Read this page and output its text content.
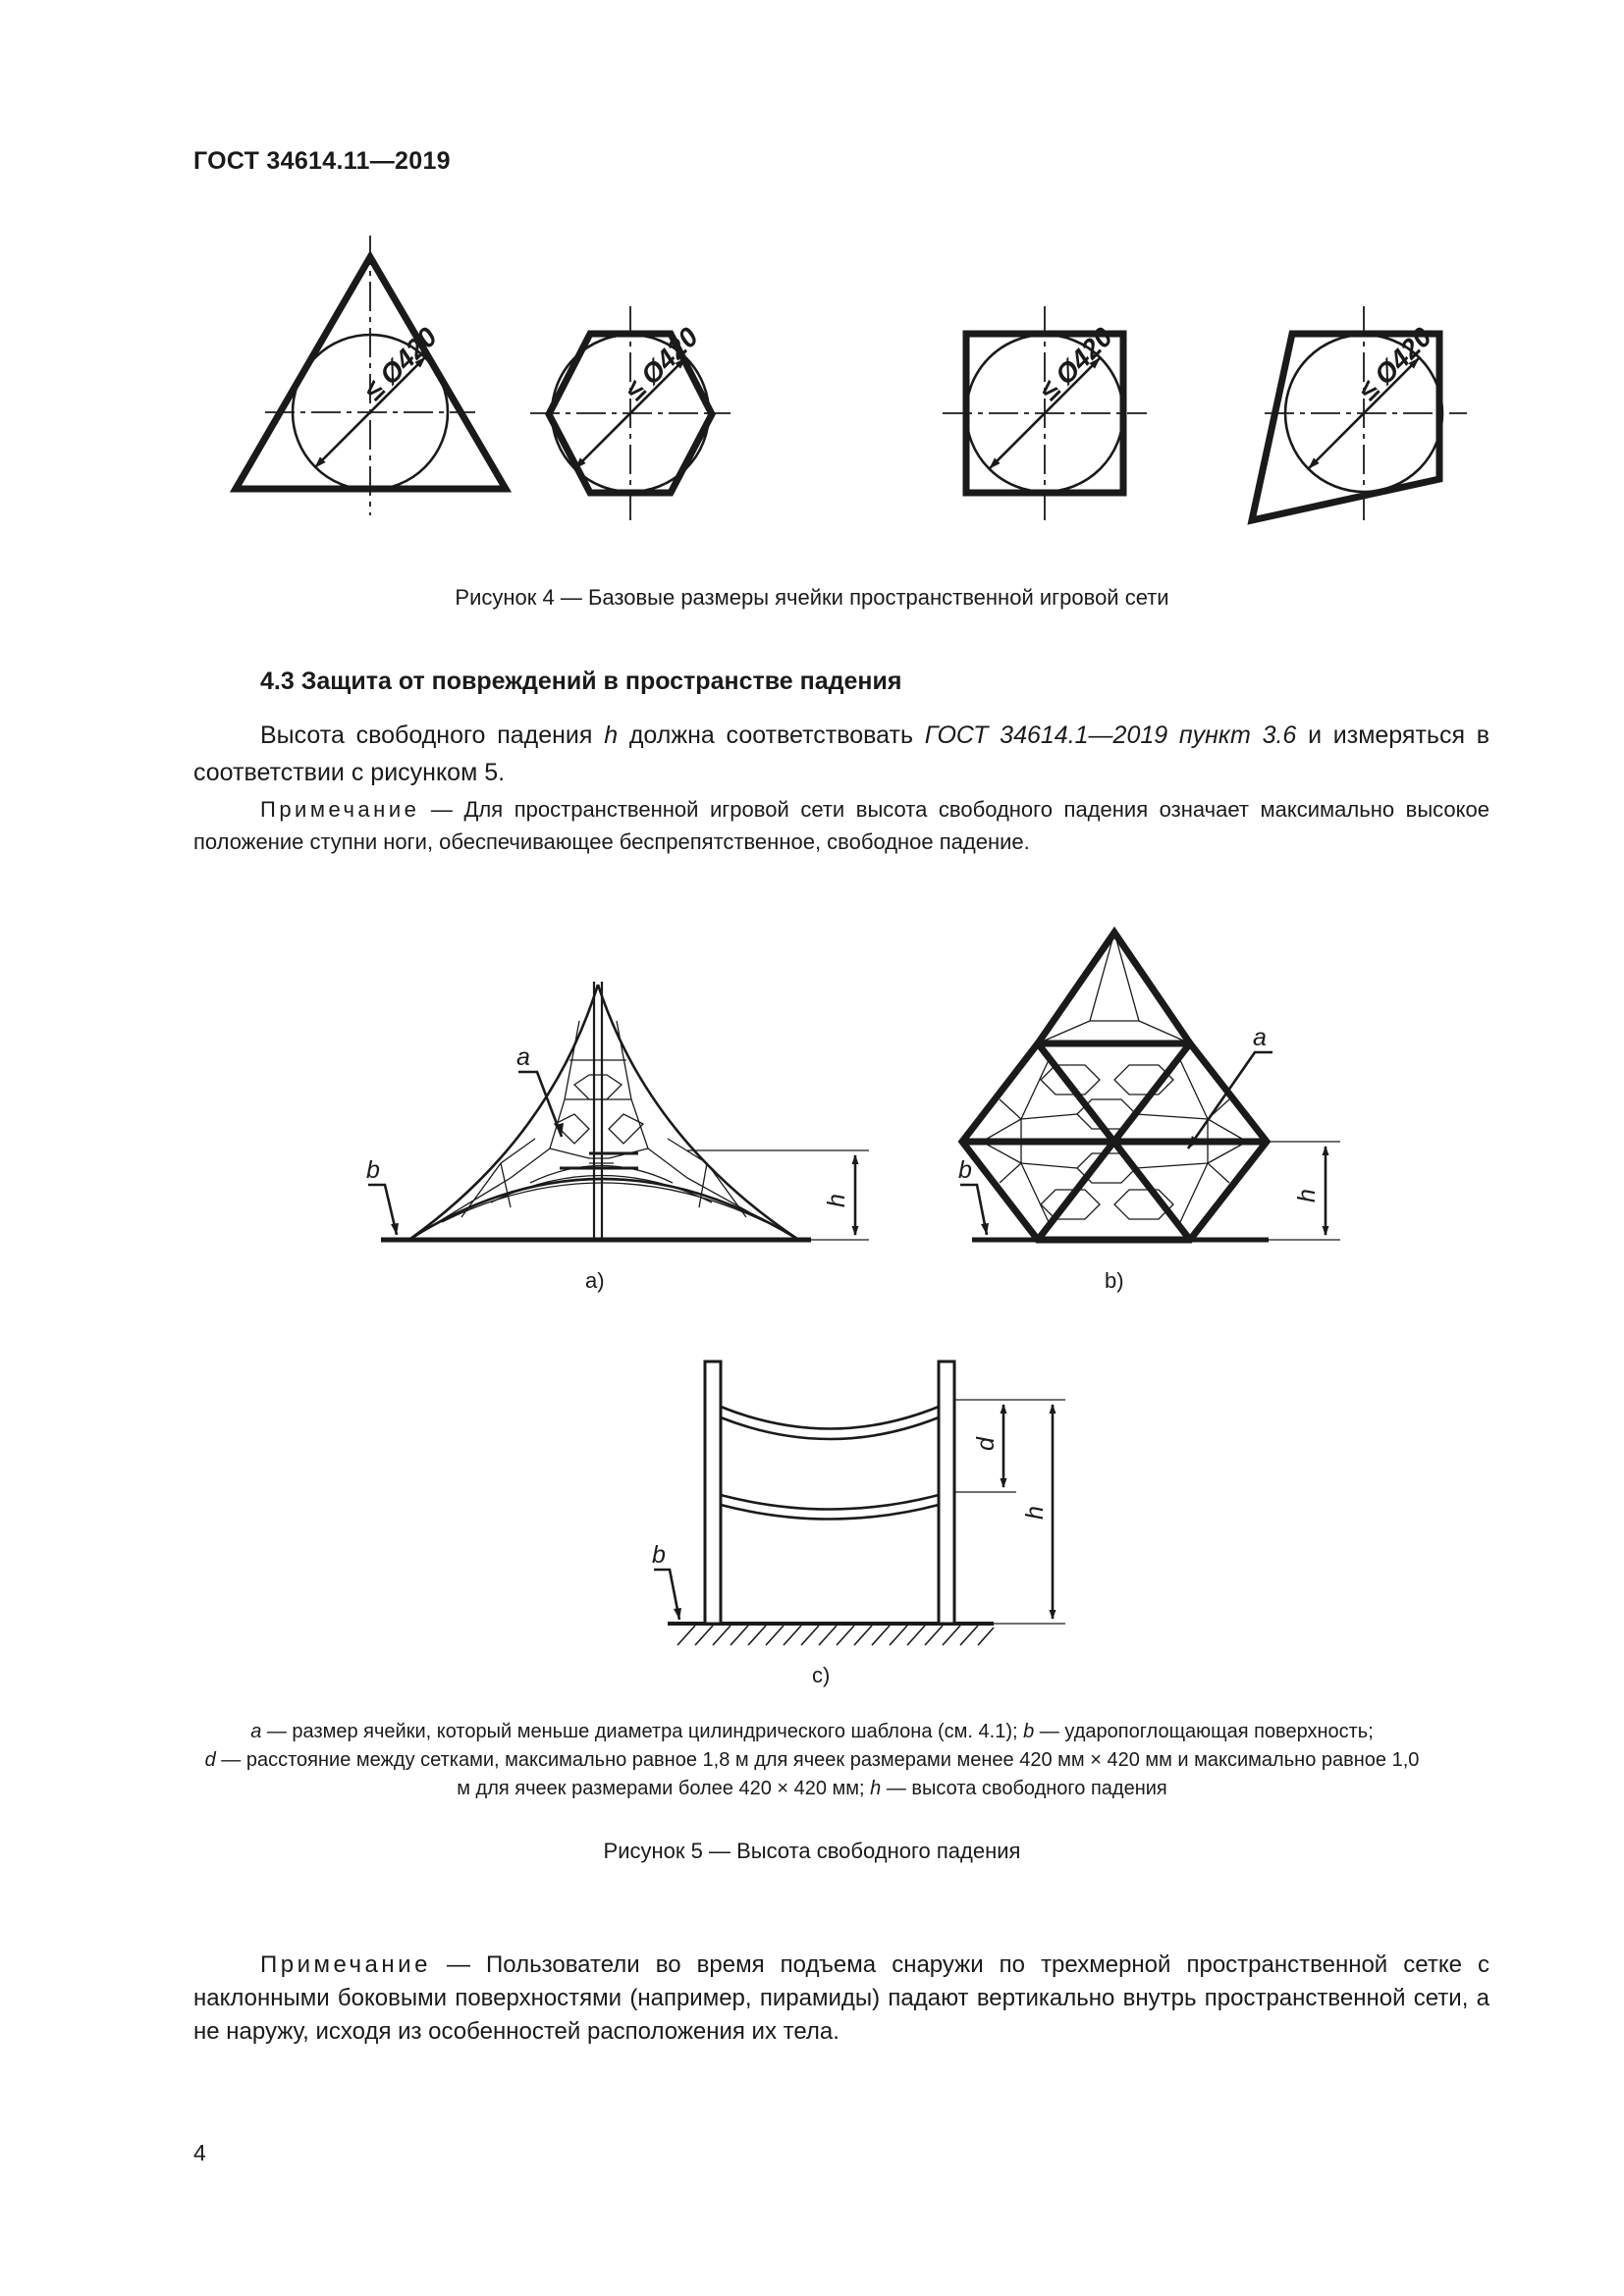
ГОСТ 34614.11—2019
≤ Ø420	≤ Ø420	≤ Ø420	≤ Ø420
Рисунок 4 — Базовые размеры ячейки пространственной игровой сети
4.3 Защита от повреждений в пространстве падения
Высота свободного падения h должна соответствовать ГОСТ 34614.1—2019 пункт 3.6 и измеряться в соответствии с рисунком 5.
Примечание — Для пространственной игровой сети высота свободного падения означает максимально высокое положение ступни ноги, обеспечивающее беспрепятственное, свободное падение.
h
a
b
h
a
b
d
h
b
a)	b)
c)
a — размер ячейки, который меньше диаметра цилиндрического шаблона (см. 4.1); b — ударопоглощающая поверхность;
d — расстояние между сетками, максимально равное 1,8 м для ячеек размерами менее 420 мм × 420 мм и максимально равное 1,0 м для ячеек размерами более 420 × 420 мм; h — высота свободного падения
Рисунок 5 — Высота свободного падения
Примечание — Пользователи во время подъема снаружи по трехмерной пространственной сетке с наклонными боковыми поверхностями (например, пирамиды) падают вертикально внутрь пространственной сети, а не наружу, исходя из особенностей расположения их тела.
4
